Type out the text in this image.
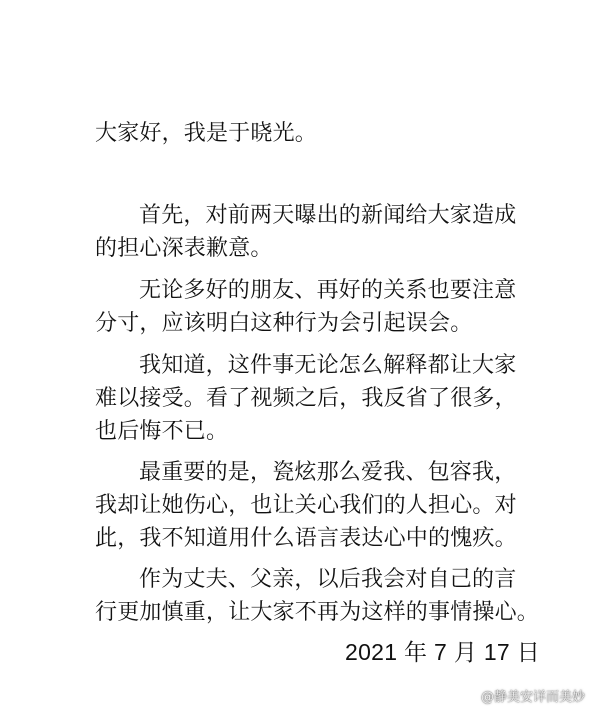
大家好，我是于晓光。
首先，对前两天曝出的新闻给大家造成
的担心深表歉意。
无论多好的朋友、再好的关系也要注意
分寸，应该明白这种行为会引起误会。
我知道，这件事无论怎么解释都让大家
难以接受。看了视频之后，我反省了很多，
也后悔不已。
最重要的是，瓷炫那么爱我、包容我，
我却让她伤心，也让关心我们的人担心。对
此，我不知道用什么语言表达心中的愧疚。
作为丈夫、父亲，以后我会对自己的言
行更加慎重，让大家不再为这样的事情操心。
2021 年 7 月 17 日
@静美安详而美妙
